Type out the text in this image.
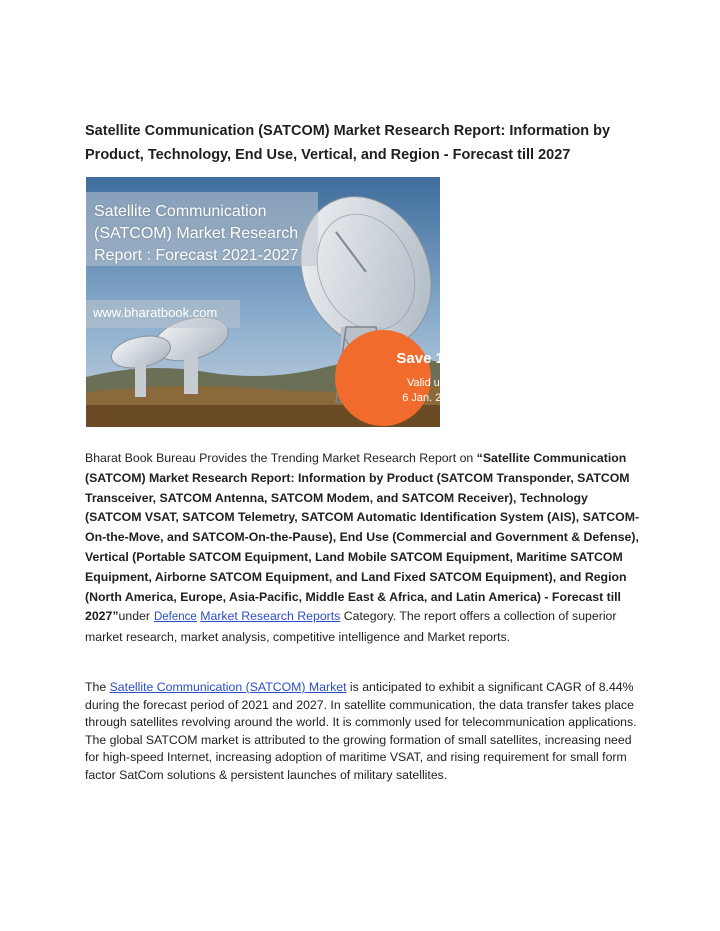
Satellite Communication (SATCOM) Market Research Report: Information by Product, Technology, End Use, Vertical, and Region - Forecast till 2027

Satellite Communication
(SATCOM) Market Research
Report : Forecast 2021-2027

www.bharatbook.com
Save 15%
Valid upto
6 Jan. 2022

Bharat Book Bureau Provides the Trending Market Research Report on “Satellite Communication (SATCOM) Market Research Report: Information by Product (SATCOM Transponder, SATCOM Transceiver, SATCOM Antenna, SATCOM Modem, and SATCOM Receiver), Technology (SATCOM VSAT, SATCOM Telemetry, SATCOM Automatic Identification System (AIS), SATCOM-On-the-Move, and SATCOM-On-the-Pause), End Use (Commercial and Government & Defense), Vertical (Portable SATCOM Equipment, Land Mobile SATCOM Equipment, Maritime SATCOM Equipment, Airborne SATCOM Equipment, and Land Fixed SATCOM Equipment), and Region (North America, Europe, Asia-Pacific, Middle East & Africa, and Latin America) - Forecast till 2027”under Defence Market Research Reports Category. The report offers a collection of superior market research, market analysis, competitive intelligence and Market reports.

The Satellite Communication (SATCOM) Market is anticipated to exhibit a significant CAGR of 8.44% during the forecast period of 2021 and 2027. In satellite communication, the data transfer takes place through satellites revolving around the world. It is commonly used for telecommunication applications. The global SATCOM market is attributed to the growing formation of small satellites, increasing need for high-speed Internet, increasing adoption of maritime VSAT, and rising requirement for small form factor SatCom solutions & persistent launches of military satellites.
